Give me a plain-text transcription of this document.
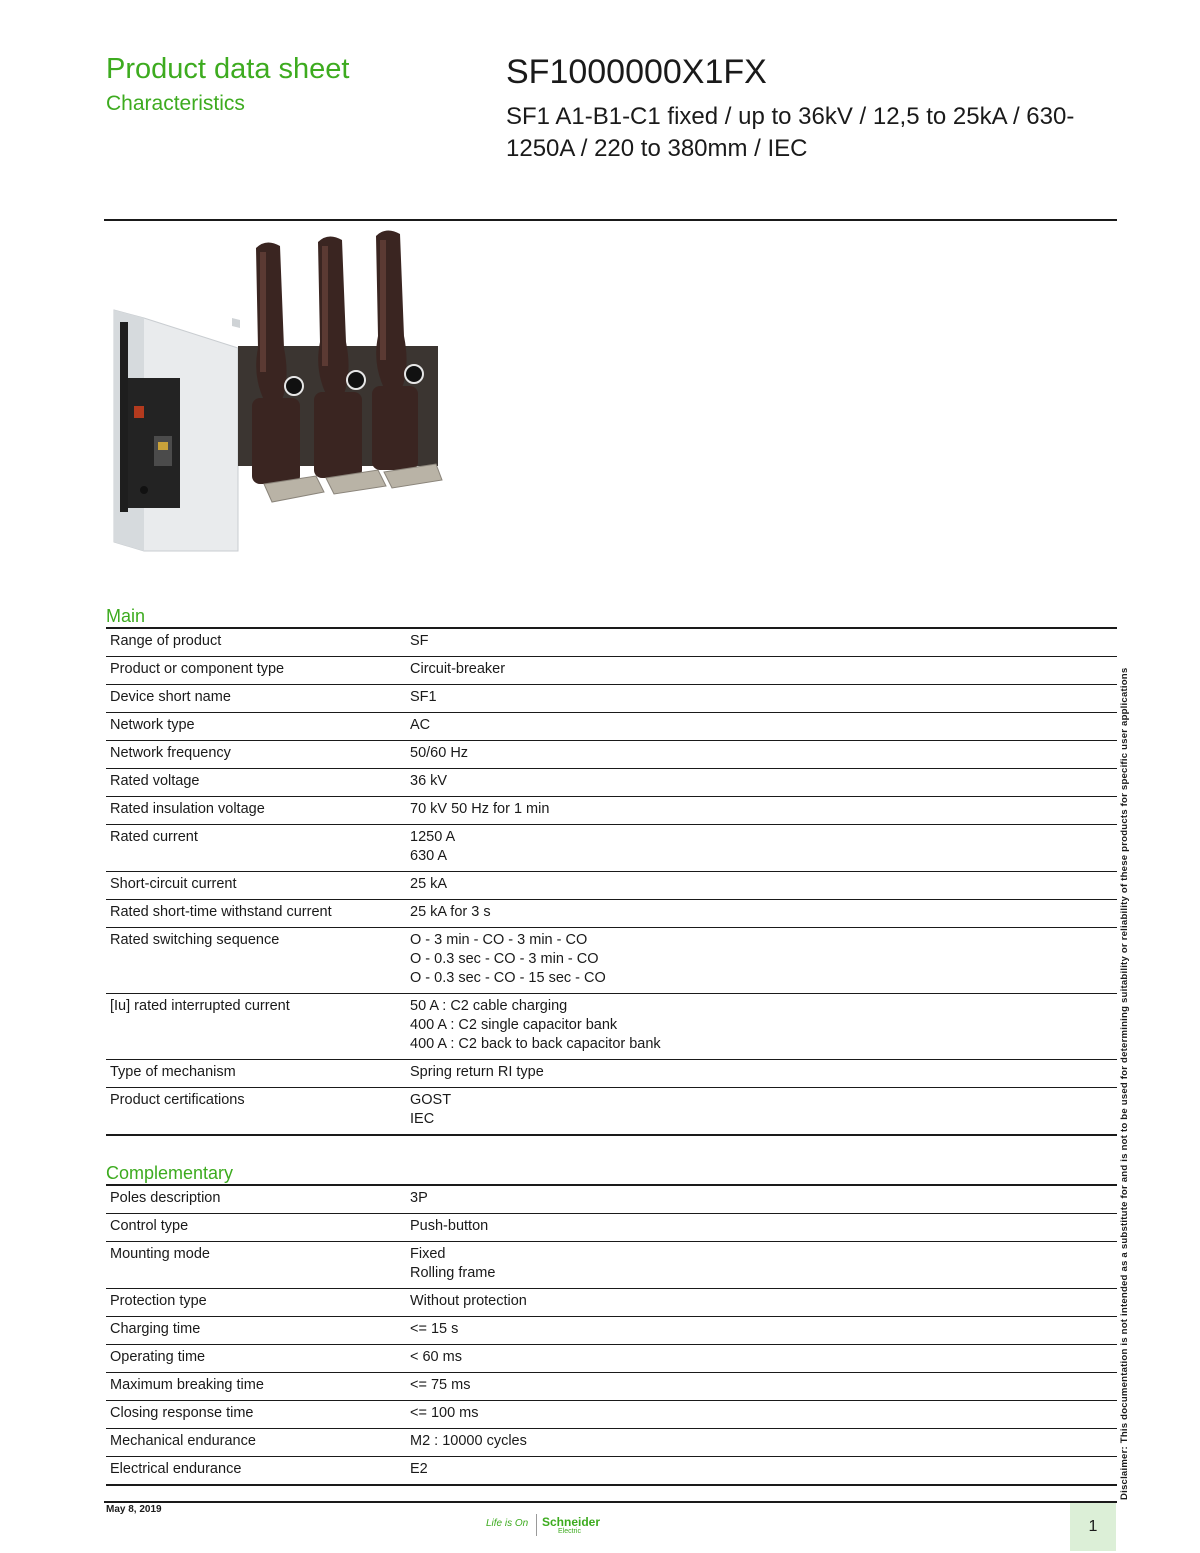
Product data sheet
Characteristics
SF1000000X1FX
SF1 A1-B1-C1 fixed / up to 36kV / 12,5 to 25kA / 630-1250A / 220 to 380mm / IEC
Main
Range of product	SF

Product or component type	Circuit-breaker

Device short name	SF1

Network type	AC

Network frequency	50/60 Hz

Rated voltage	36 kV

Rated insulation voltage	70 kV 50 Hz for 1 min

Rated current	1250 A
630 A

Short-circuit current	25 kA

Rated short-time withstand current	25 kA for 3 s

Rated switching sequence	O - 3 min - CO - 3 min - CO
O - 0.3 sec - CO - 3 min - CO
O - 0.3 sec - CO - 15 sec - CO

[Iu] rated interrupted current	50 A : C2 cable charging
400 A : C2 single capacitor bank
400 A : C2 back to back capacitor bank

Type of mechanism	Spring return RI type

Product certifications	GOST
IEC
Complementary
Poles description	3P

Control type	Push-button

Mounting mode	Fixed
Rolling frame

Protection type	Without protection

Charging time	<= 15 s

Operating time	< 60 ms

Maximum breaking time	<= 75 ms

Closing response time	<= 100 ms

Mechanical endurance	M2 : 10000 cycles

Electrical endurance	E2	Disclaimer: This documentation is not intended as a substitute for and is not to be used for determining suitability or reliability of these products for specific user applications
May 8, 2019
Life is On Schneider
Electric	1
